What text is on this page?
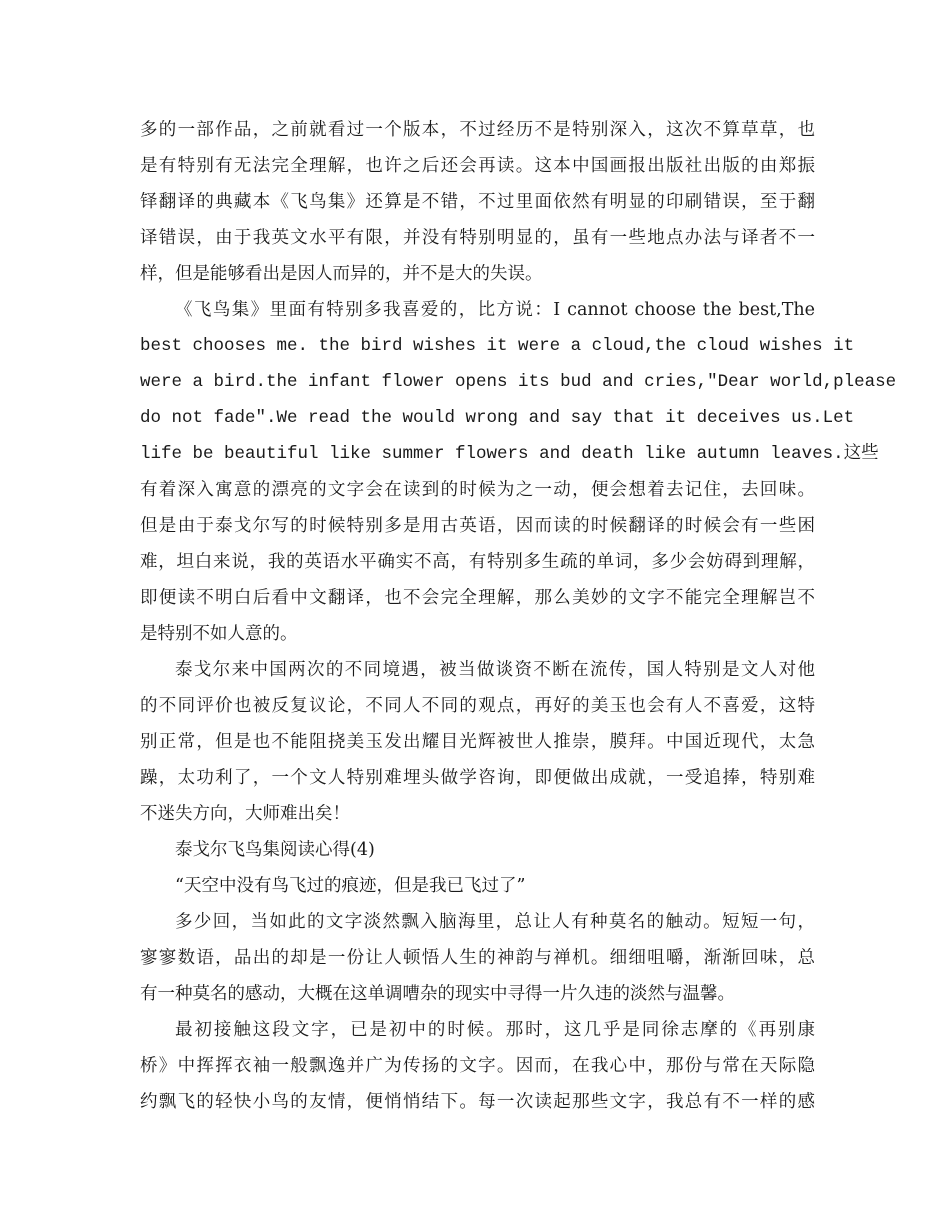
多的一部作品，之前就看过一个版本，不过经历不是特别深入，这次不算草草，也
是有特别有无法完全理解，也许之后还会再读。这本中国画报出版社出版的由郑振
铎翻译的典藏本《飞鸟集》还算是不错，不过里面依然有明显的印刷错误，至于翻
译错误，由于我英文水平有限，并没有特别明显的，虽有一些地点办法与译者不一
样，但是能够看出是因人而异的，并不是大的失误。
《飞鸟集》里面有特别多我喜爱的，比方说：I cannot choose the best,The
best chooses me. the bird wishes it were a cloud,the cloud wishes it
were a bird.the infant flower opens its bud and cries,"Dear world,please
do not fade".We read the would wrong and say that it deceives us.Let
life be beautiful like summer flowers and death like autumn leaves.这些
有着深入寓意的漂亮的文字会在读到的时候为之一动，便会想着去记住，去回味。
但是由于泰戈尔写的时候特别多是用古英语，因而读的时候翻译的时候会有一些困
难，坦白来说，我的英语水平确实不高，有特别多生疏的单词，多少会妨碍到理解，
即便读不明白后看中文翻译，也不会完全理解，那么美妙的文字不能完全理解岂不
是特别不如人意的。
泰戈尔来中国两次的不同境遇，被当做谈资不断在流传，国人特别是文人对他
的不同评价也被反复议论，不同人不同的观点，再好的美玉也会有人不喜爱，这特
别正常，但是也不能阻挠美玉发出耀目光辉被世人推崇，膜拜。中国近现代，太急
躁，太功利了，一个文人特别难埋头做学咨询，即便做出成就，一受追捧，特别难
不迷失方向，大师难出矣！
泰戈尔飞鸟集阅读心得(4)
“天空中没有鸟飞过的痕迹，但是我已飞过了”
多少回，当如此的文字淡然飘入脑海里，总让人有种莫名的触动。短短一句，
寥寥数语，品出的却是一份让人顿悟人生的神韵与禅机。细细咀嚼，渐渐回味，总
有一种莫名的感动，大概在这单调嘈杂的现实中寻得一片久违的淡然与温馨。
最初接触这段文字，已是初中的时候。那时，这几乎是同徐志摩的《再别康
桥》中挥挥衣袖一般飘逸并广为传扬的文字。因而，在我心中，那份与常在天际隐
约飘飞的轻快小鸟的友情，便悄悄结下。每一次读起那些文字，我总有不一样的感
